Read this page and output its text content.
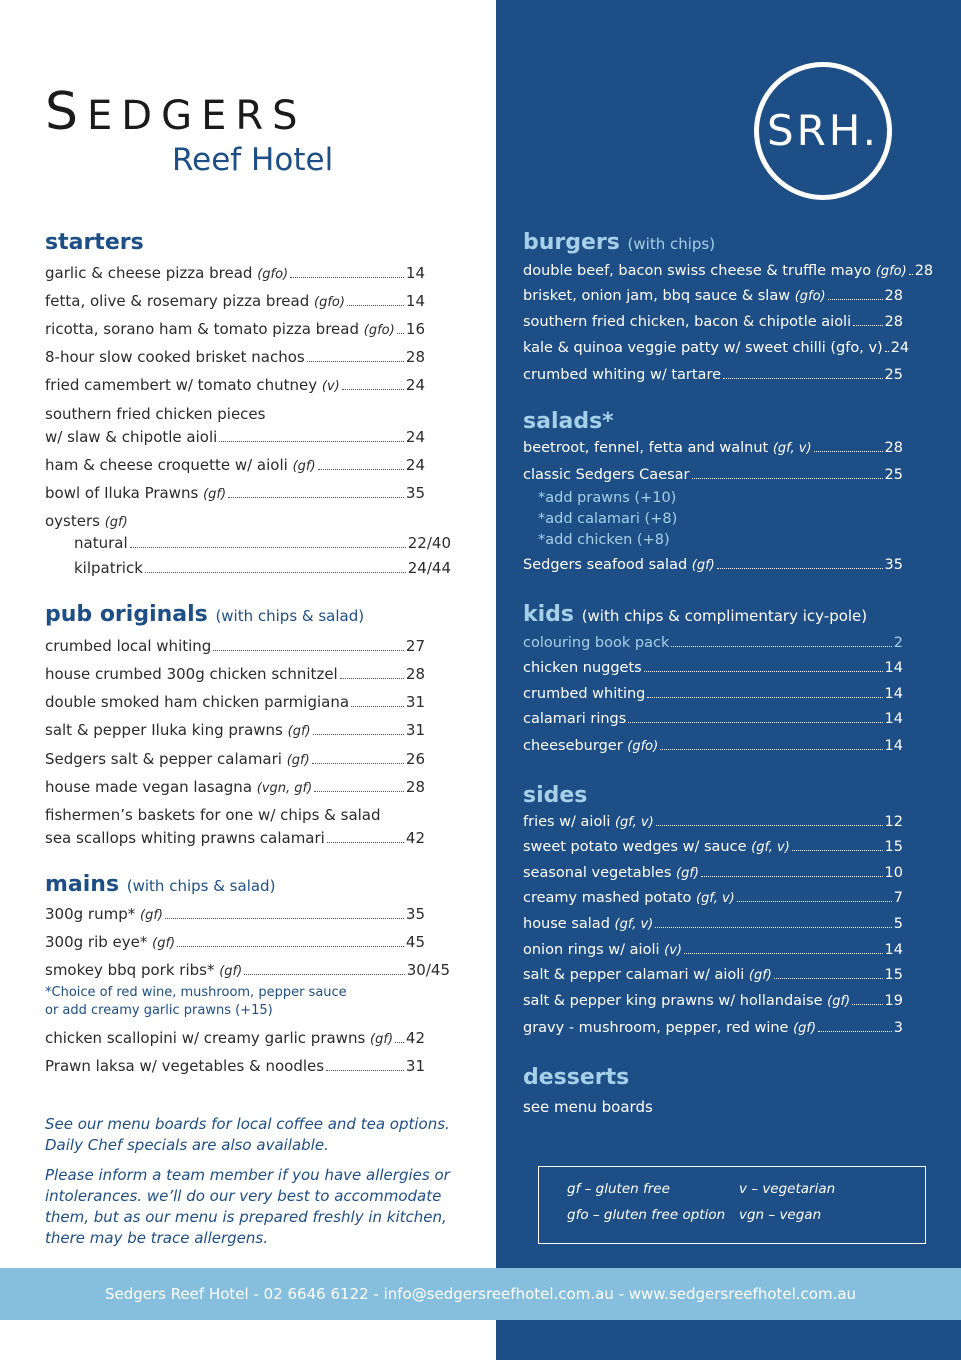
SEDGERS
Reef Hotel
SRH.
starters
garlic & cheese pizza bread (gfo)	14
fetta, olive & rosemary pizza bread (gfo)	14
ricotta, sorano ham & tomato pizza bread (gfo) 16
8-hour slow cooked brisket nachos	28
fried camembert w/ tomato chutney (v)	24
southern fried chicken pieces
w/ slaw & chipotle aioli	24
ham & cheese croquette w/ aioli (gf)	24
bowl of Iluka Prawns (gf)	35
oysters (gf)
natural	22/40
kilpatrick	24/44
pub originals (with chips & salad)
crumbed local whiting	27
house crumbed 300g chicken schnitzel	28
double smoked ham chicken parmigiana	31
salt & pepper Iluka king prawns (gf)	31
Sedgers salt & pepper calamari (gf)	26
house made vegan lasagna (vgn, gf)	28
fishermen’s baskets for one w/ chips & salad
sea scallops whiting prawns calamari	42
mains (with chips & salad)
300g rump* (gf)	35
300g rib eye* (gf)	45
smokey bbq pork ribs* (gf)	30/45
*Choice of red wine, mushroom, pepper sauce
or add creamy garlic prawns (+15)
chicken scallopini w/ creamy garlic prawns (gf) 42
Prawn laksa w/ vegetables & noodles	31
See our menu boards for local coffee and tea options.
Daily Chef specials are also available.
Please inform a team member if you have allergies or
intolerances. we’ll do our very best to accommodate
them, but as our menu is prepared freshly in kitchen,
there may be trace allergens.
burgers (with chips)
double beef, bacon swiss cheese & truffle mayo (gfo) 28
brisket, onion jam, bbq sauce & slaw (gfo)	28
southern fried chicken, bacon & chipotle aioli 28
kale & quinoa veggie patty w/ sweet chilli (gfo, v) 24
crumbed whiting w/ tartare	25
salads*
beetroot, fennel, fetta and walnut (gf, v)	28
classic Sedgers Caesar	25
*add prawns (+10)
*add calamari (+8)
*add chicken (+8)
Sedgers seafood salad (gf)	35
kids (with chips & complimentary icy-pole)
colouring book pack	2
chicken nuggets	14
crumbed whiting	14
calamari rings	14
cheeseburger (gfo)	14
sides
fries w/ aioli (gf, v)	12
sweet potato wedges w/ sauce (gf, v)	15
seasonal vegetables (gf)	10
creamy mashed potato (gf, v)	7
house salad (gf, v)	5
onion rings w/ aioli (v)	14
salt & pepper calamari w/ aioli (gf)	15
salt & pepper king prawns w/ hollandaise (gf) 19
gravy - mushroom, pepper, red wine (gf)	3
desserts
see menu boards
gf – gluten free
gfo – gluten free option
v – vegetarian
vgn – vegan
Sedgers Reef Hotel - 02 6646 6122 - info@sedgersreefhotel.com.au - www.sedgersreefhotel.com.au
